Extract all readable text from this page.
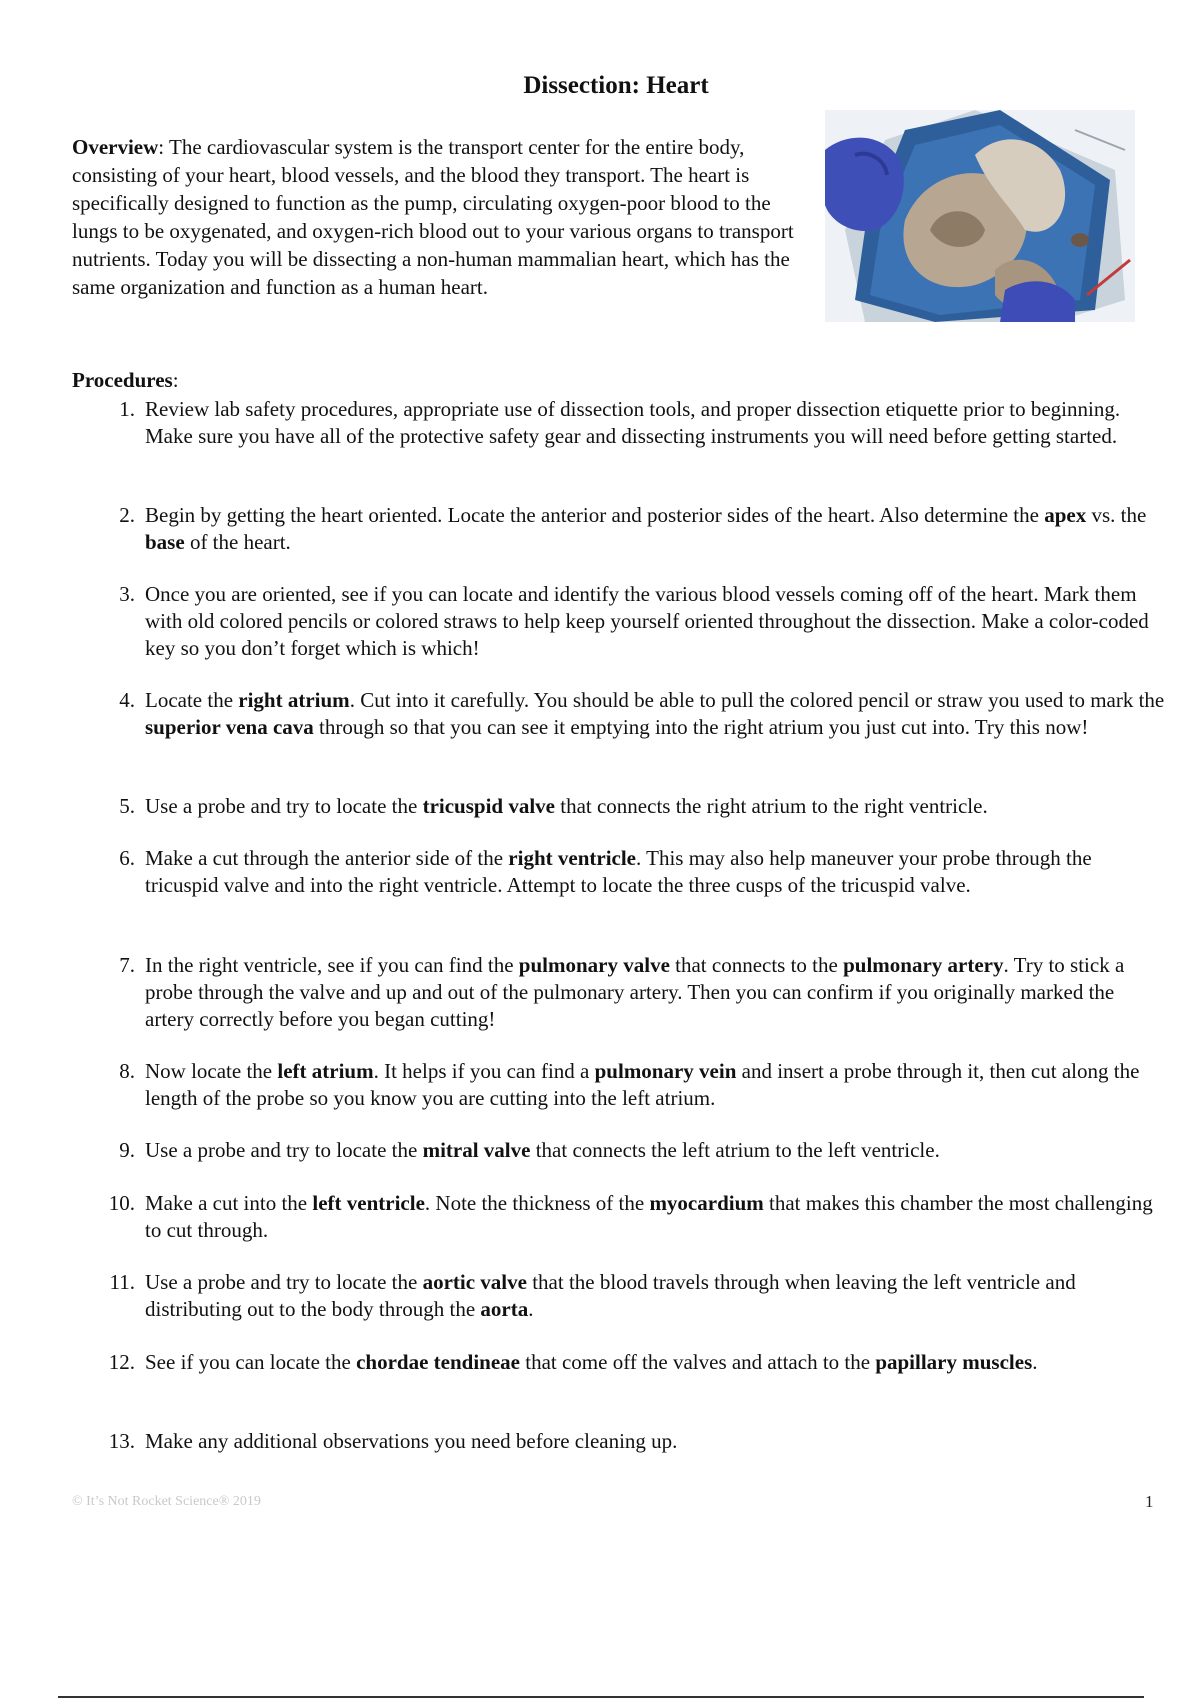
Dissection: Heart
Overview: The cardiovascular system is the transport center for the entire body, consisting of your heart, blood vessels, and the blood they transport. The heart is specifically designed to function as the pump, circulating oxygen-poor blood to the lungs to be oxygenated, and oxygen-rich blood out to your various organs to transport nutrients. Today you will be dissecting a non-human mammalian heart, which has the same organization and function as a human heart.
Procedures:
1. Review lab safety procedures, appropriate use of dissection tools, and proper dissection etiquette prior to beginning. Make sure you have all of the protective safety gear and dissecting instruments you will need before getting started.
2. Begin by getting the heart oriented. Locate the anterior and posterior sides of the heart. Also determine the apex vs. the base of the heart.
3. Once you are oriented, see if you can locate and identify the various blood vessels coming off of the heart. Mark them with old colored pencils or colored straws to help keep yourself oriented throughout the dissection. Make a color-coded key so you don’t forget which is which!
4. Locate the right atrium. Cut into it carefully. You should be able to pull the colored pencil or straw you used to mark the superior vena cava through so that you can see it emptying into the right atrium you just cut into. Try this now!
5. Use a probe and try to locate the tricuspid valve that connects the right atrium to the right ventricle.
6. Make a cut through the anterior side of the right ventricle. This may also help maneuver your probe through the tricuspid valve and into the right ventricle. Attempt to locate the three cusps of the tricuspid valve.
7. In the right ventricle, see if you can find the pulmonary valve that connects to the pulmonary artery. Try to stick a probe through the valve and up and out of the pulmonary artery. Then you can confirm if you originally marked the artery correctly before you began cutting!
8. Now locate the left atrium. It helps if you can find a pulmonary vein and insert a probe through it, then cut along the length of the probe so you know you are cutting into the left atrium.
9. Use a probe and try to locate the mitral valve that connects the left atrium to the left ventricle.
10. Make a cut into the left ventricle. Note the thickness of the myocardium that makes this chamber the most challenging to cut through.
11. Use a probe and try to locate the aortic valve that the blood travels through when leaving the left ventricle and distributing out to the body through the aorta.
12. See if you can locate the chordae tendineae that come off the valves and attach to the papillary muscles.
13. Make any additional observations you need before cleaning up.
© It’s Not Rocket Science® 2019	1
